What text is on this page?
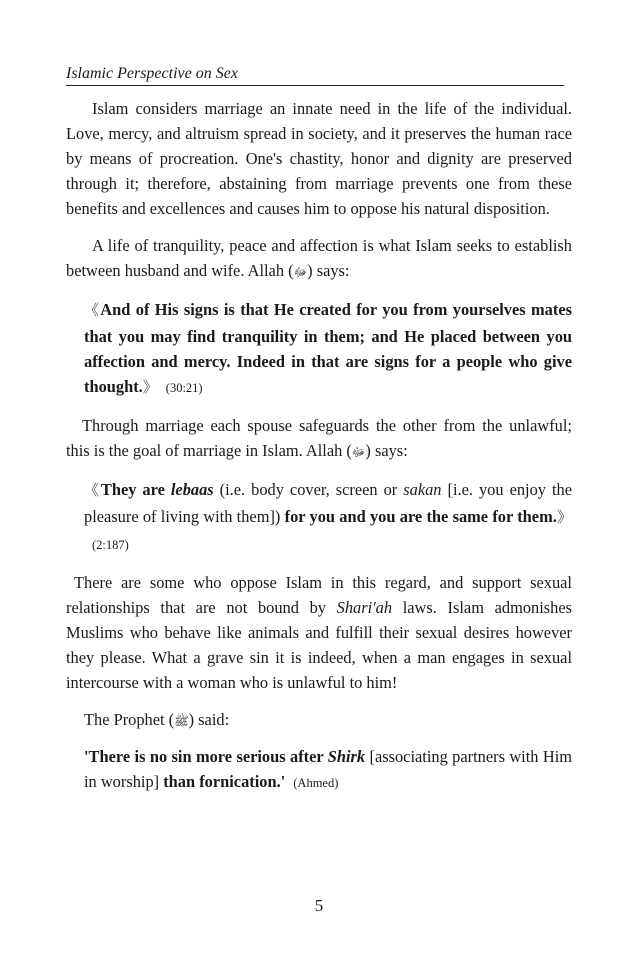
Islamic Perspective on Sex

Islam considers marriage an innate need in the life of the individual. Love, mercy, and altruism spread in society, and it preserves the human race by means of procreation. One's chastity, honor and dignity are preserved through it; therefore, abstaining from marriage prevents one from these benefits and excellences and causes him to oppose his natural disposition.

A life of tranquility, peace and affection is what Islam seeks to establish between husband and wife. Allah (ﷻ) says:

《And of His signs is that He created for you from yourselves mates that you may find tranquility in them; and He placed between you affection and mercy. Indeed in that are signs for a people who give thought.》 (30:21)

Through marriage each spouse safeguards the other from the unlawful; this is the goal of marriage in Islam. Allah (ﷻ) says:

《They are lebaas (i.e. body cover, screen or sakan [i.e. you enjoy the pleasure of living with them]) for you and you are the same for them.》(2:187)

There are some who oppose Islam in this regard, and support sexual relationships that are not bound by Shari'ah laws. Islam admonishes Muslims who behave like animals and fulfill their sexual desires however they please. What a grave sin it is indeed, when a man engages in sexual intercourse with a woman who is unlawful to him!

The Prophet (ﷺ) said:

'There is no sin more serious after Shirk [associating partners with Him in worship] than fornication.' (Ahmed)

5
